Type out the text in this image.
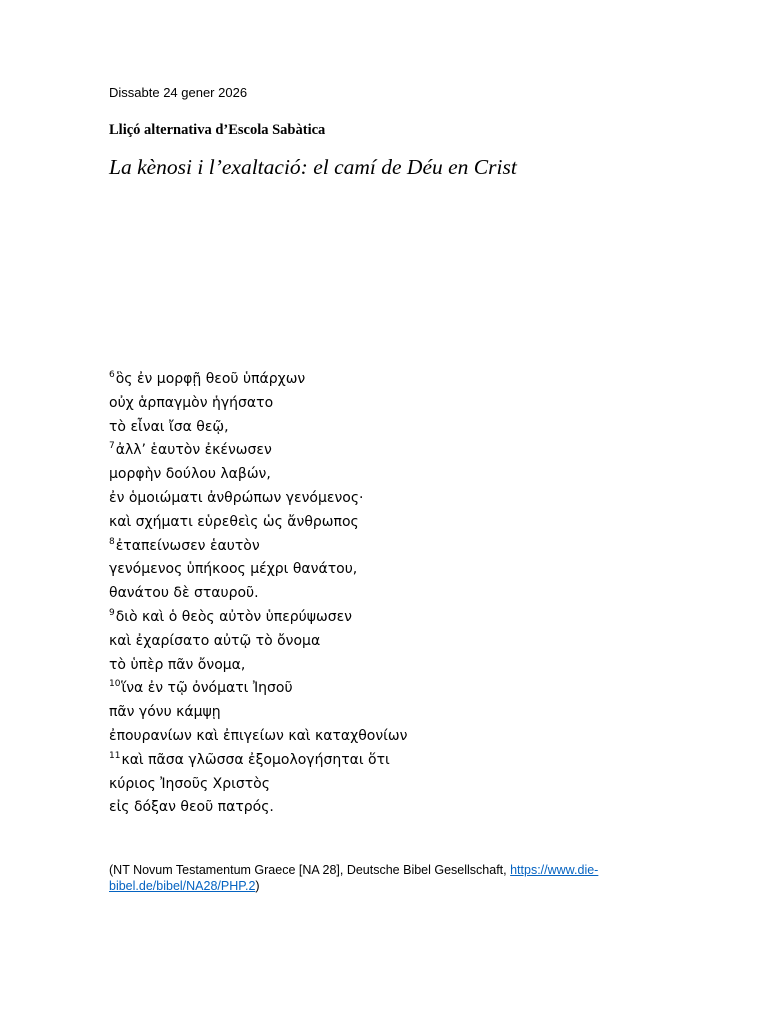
Dissabte 24 gener 2026
Lliçó alternativa d’Escola Sabàtica
La kènosi i l’exaltació: el camí de Déu en Crist
$^6$ὃς ἐν μορφῇ θεοῦ ὑπάρχων
οὐχ ἁρπαγμὸν ἡγήσατο
τὸ εἶναι ἴσα θεῷ,
$^7$ἀλλ’ ἑαυτὸν ἐκένωσεν
μορφὴν δούλου λαβών,
ἐν ὁμοιώματι ἀνθρώπων γενόμενος·
καὶ σχήματι εὑρεθεὶς ὡς ἄνθρωπος
$^8$ἐταπείνωσεν ἑαυτὸν
γενόμενος ὑπήκοος μέχρι θανάτου,
θανάτου δὲ σταυροῦ.
$^9$διὸ καὶ ὁ θεὸς αὐτὸν ὑπερύψωσεν
καὶ ἐχαρίσατο αὐτῷ τὸ ὄνομα
τὸ ὑπὲρ πᾶν ὄνομα,
$^{10}$ἵνα ἐν τῷ ὀνόματι Ἰησοῦ
πᾶν γόνυ κάμψῃ
ἐπουρανίων καὶ ἐπιγείων καὶ καταχθονίων
$^{11}$καὶ πᾶσα γλῶσσα ἐξομολογήσηται ὅτι
κύριος Ἰησοῦς Χριστὸς
εἰς δόξαν θεοῦ πατρός.
(NT Novum Testamentum Graece [NA 28], Deutsche Bibel Gesellschaft, https://www.die-bibel.de/bibel/NA28/PHP.2)
